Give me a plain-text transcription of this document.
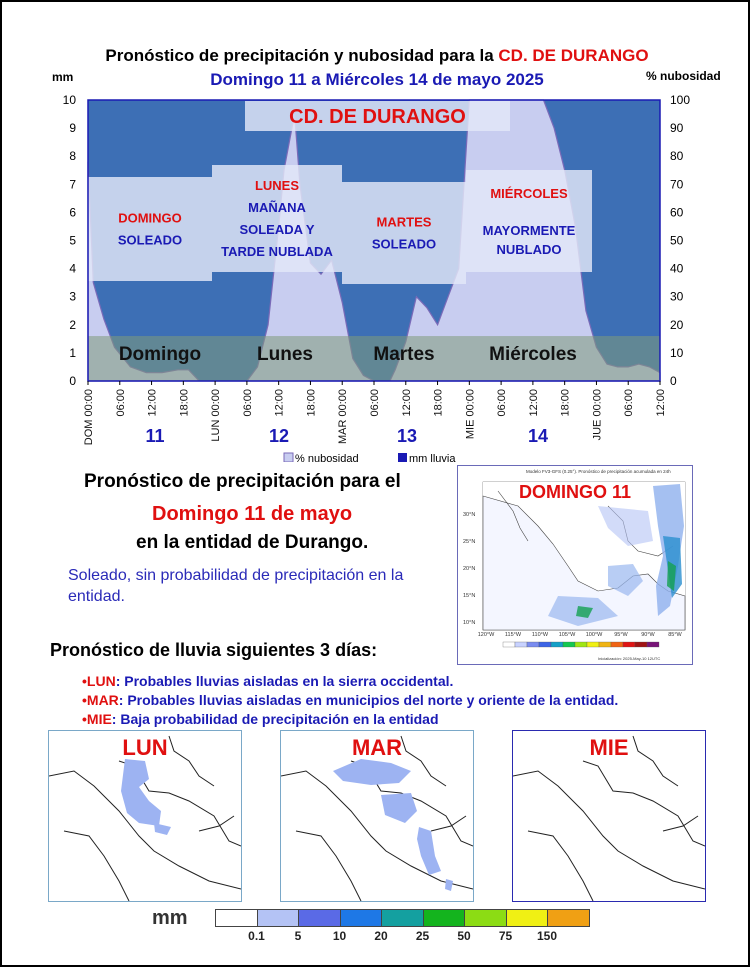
Pronóstico de precipitación y nubosidad para la CD. DE DURANGO
Domingo 11 a Miércoles 14 de mayo 2025
mm	% nubosidad
CD. DE DURANGO
DOMINGO
SOLEADO
LUNES
MAÑANA
SOLEADA Y
TARDE NUBLADA
MARTES
SOLEADO
MIÉRCOLES
MAYORMENTE
NUBLADO
Domingo	Lunes	Martes	Miércoles
0
1
2
3
4
5
6
7
8
9
10
0
10
20
30
40
50
60
70
80
90
100
DOM 00:00 06:00 12:00 18:00 LUN 00:00 06:00 12:00 18:00 MAR 00:00 06:00 12:00 18:00 MIE 00:00 06:00 12:00 18:00 JUE 00:00 06:00 12:00
11	12	13	14
% nubosidad	mm lluvia
Pronóstico de precipitación para el
Domingo 11 de mayo
en la entidad de Durango.
Soleado, sin probabilidad de precipitación en la entidad.
Modelo FV3-GFS (0.25°). Pronóstico de precipitación acumulada en 24h
DOMINGO 11
30°N
25°N
20°N
15°N
10°N
120°W 115°W 110°W 105°W 100°W 95°W 90°W 85°W
Inicialización: 2025-May-10 12UTC
Pronóstico de lluvia siguientes 3 días:
•LUN: Probables lluvias aisladas en la sierra occidental.
•MAR: Probables lluvias aisladas en municipios del norte y oriente de la entidad.
•MIE: Baja probabilidad de precipitación en la entidad
LUN	MAR	MIE
mm
0.1	5	10	20	25	50	75	150
